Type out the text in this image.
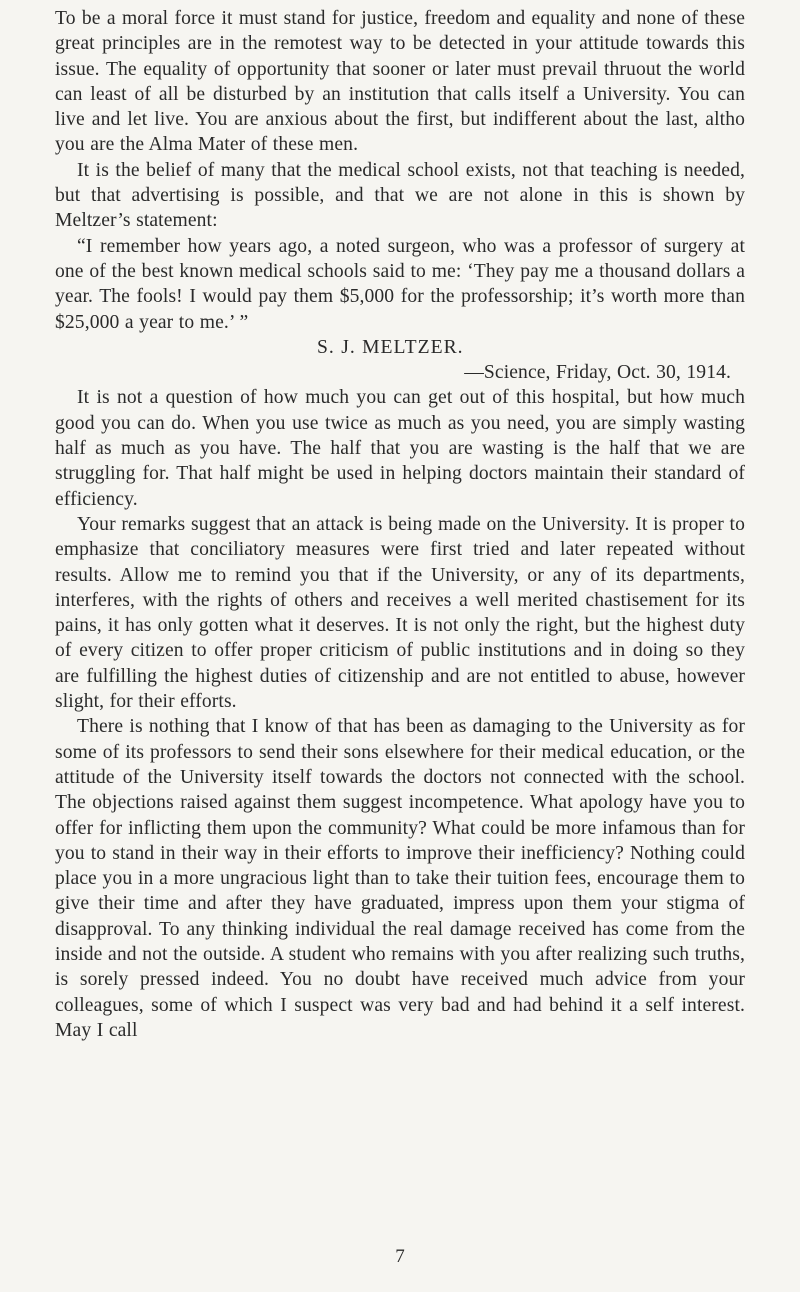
To be a moral force it must stand for justice, freedom and equality and none of these great principles are in the remotest way to be detected in your attitude towards this issue. The equality of opportunity that sooner or later must prevail thruout the world can least of all be disturbed by an institution that calls itself a University. You can live and let live. You are anxious about the first, but indifferent about the last, altho you are the Alma Mater of these men.

It is the belief of many that the medical school exists, not that teaching is needed, but that advertising is possible, and that we are not alone in this is shown by Meltzer’s statement:

“I remember how years ago, a noted surgeon, who was a professor of surgery at one of the best known medical schools said to me: ‘They pay me a thousand dollars a year. The fools! I would pay them $5,000 for the professorship; it’s worth more than $25,000 a year to me.’ ”

S. J. MELTZER.

—Science, Friday, Oct. 30, 1914.

It is not a question of how much you can get out of this hospital, but how much good you can do. When you use twice as much as you need, you are simply wasting half as much as you have. The half that you are wasting is the half that we are struggling for. That half might be used in helping doctors maintain their standard of efficiency.

Your remarks suggest that an attack is being made on the University. It is proper to emphasize that conciliatory measures were first tried and later repeated without results. Allow me to remind you that if the University, or any of its departments, interferes, with the rights of others and receives a well merited chastisement for its pains, it has only gotten what it deserves. It is not only the right, but the highest duty of every citizen to offer proper criticism of public institutions and in doing so they are fulfilling the highest duties of citizenship and are not entitled to abuse, however slight, for their efforts.

There is nothing that I know of that has been as damaging to the University as for some of its professors to send their sons elsewhere for their medical education, or the attitude of the University itself towards the doctors not connected with the school. The objections raised against them suggest incompetence. What apology have you to offer for inflicting them upon the community? What could be more infamous than for you to stand in their way in their efforts to improve their inefficiency? Nothing could place you in a more ungracious light than to take their tuition fees, encourage them to give their time and after they have graduated, impress upon them your stigma of disapproval. To any thinking individual the real damage received has come from the inside and not the outside. A student who remains with you after realizing such truths, is sorely pressed indeed. You no doubt have received much advice from your colleagues, some of which I suspect was very bad and had behind it a self interest. May I call

7
